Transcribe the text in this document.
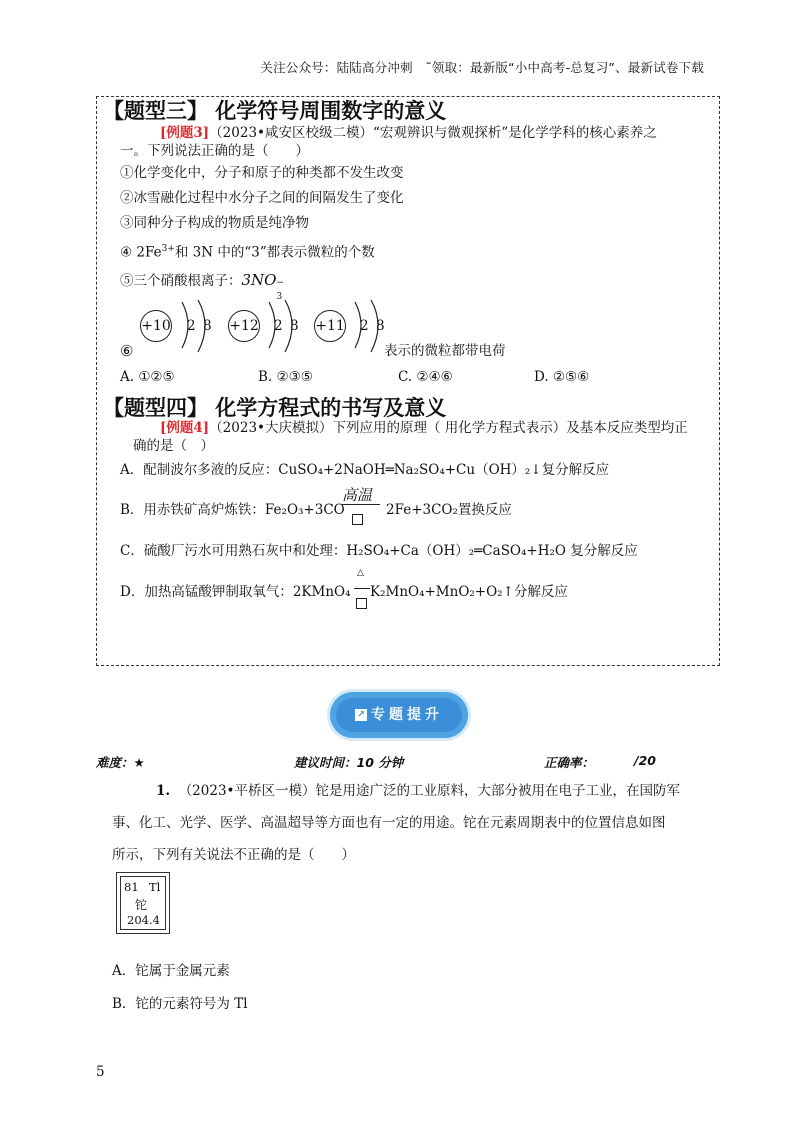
关注公众号：陆陆高分冲刺　˜领取：最新版“小中高考-总复习”、最新试卷下载
【题型三】 化学符号周围数字的意义
[例题3]（2023•咸安区校级二模）“宏观辨识与微观探析”是化学学科的核心素养之
一。下列说法正确的是（　　）
①化学变化中，分子和原子的种类都不发生改变
②冰雪融化过程中水分子之间的间隔发生了变化
③同种分子构成的物质是纯净物
④ $2Fe^{3+}$和 3N 中的“3”都表示微粒的个数
⑤三个硝酸根离子：3NO −
3
+10 2 8 +12 2 8 +11 2 8
⑥	表示的微粒都带电荷
A. ①②⑤	B. ②③⑤	C. ②④⑥	D. ②⑤⑥
【题型四】 化学方程式的书写及意义
[例题4]（2023•大庆模拟）下列应用的原理（ 用化学方程式表示）及基本反应类型均正
确的是（　）
A．配制波尔多液的反应：CuSO₄+2NaOH═Na₂SO₄+Cu（OH）₂↓复分解反应
B．用赤铁矿高炉炼铁：Fe₂O₃+3CO
高温
2Fe+3CO₂置换反应
C．硫酸厂污水可用熟石灰中和处理：H₂SO₄+Ca（OH）₂═CaSO₄+H₂O 复分解反应
D．加热高锰酸钾制取氧气：2KMnO₄
△
K₂MnO₄+MnO₂+O₂↑分解反应
↗ 专题提升
难度：★	建议时间：10 分钟	正确率：	/20
1. （2023•平桥区一模）铊是用途广泛的工业原料，大部分被用在电子工业，在国防军
事、化工、光学、医学、高温超导等方面也有一定的用途。铊在元素周期表中的位置信息如图
所示，下列有关说法不正确的是（　　）
81 Tl
铊
204.4
A．铊属于金属元素
B．铊的元素符号为 Tl
5
